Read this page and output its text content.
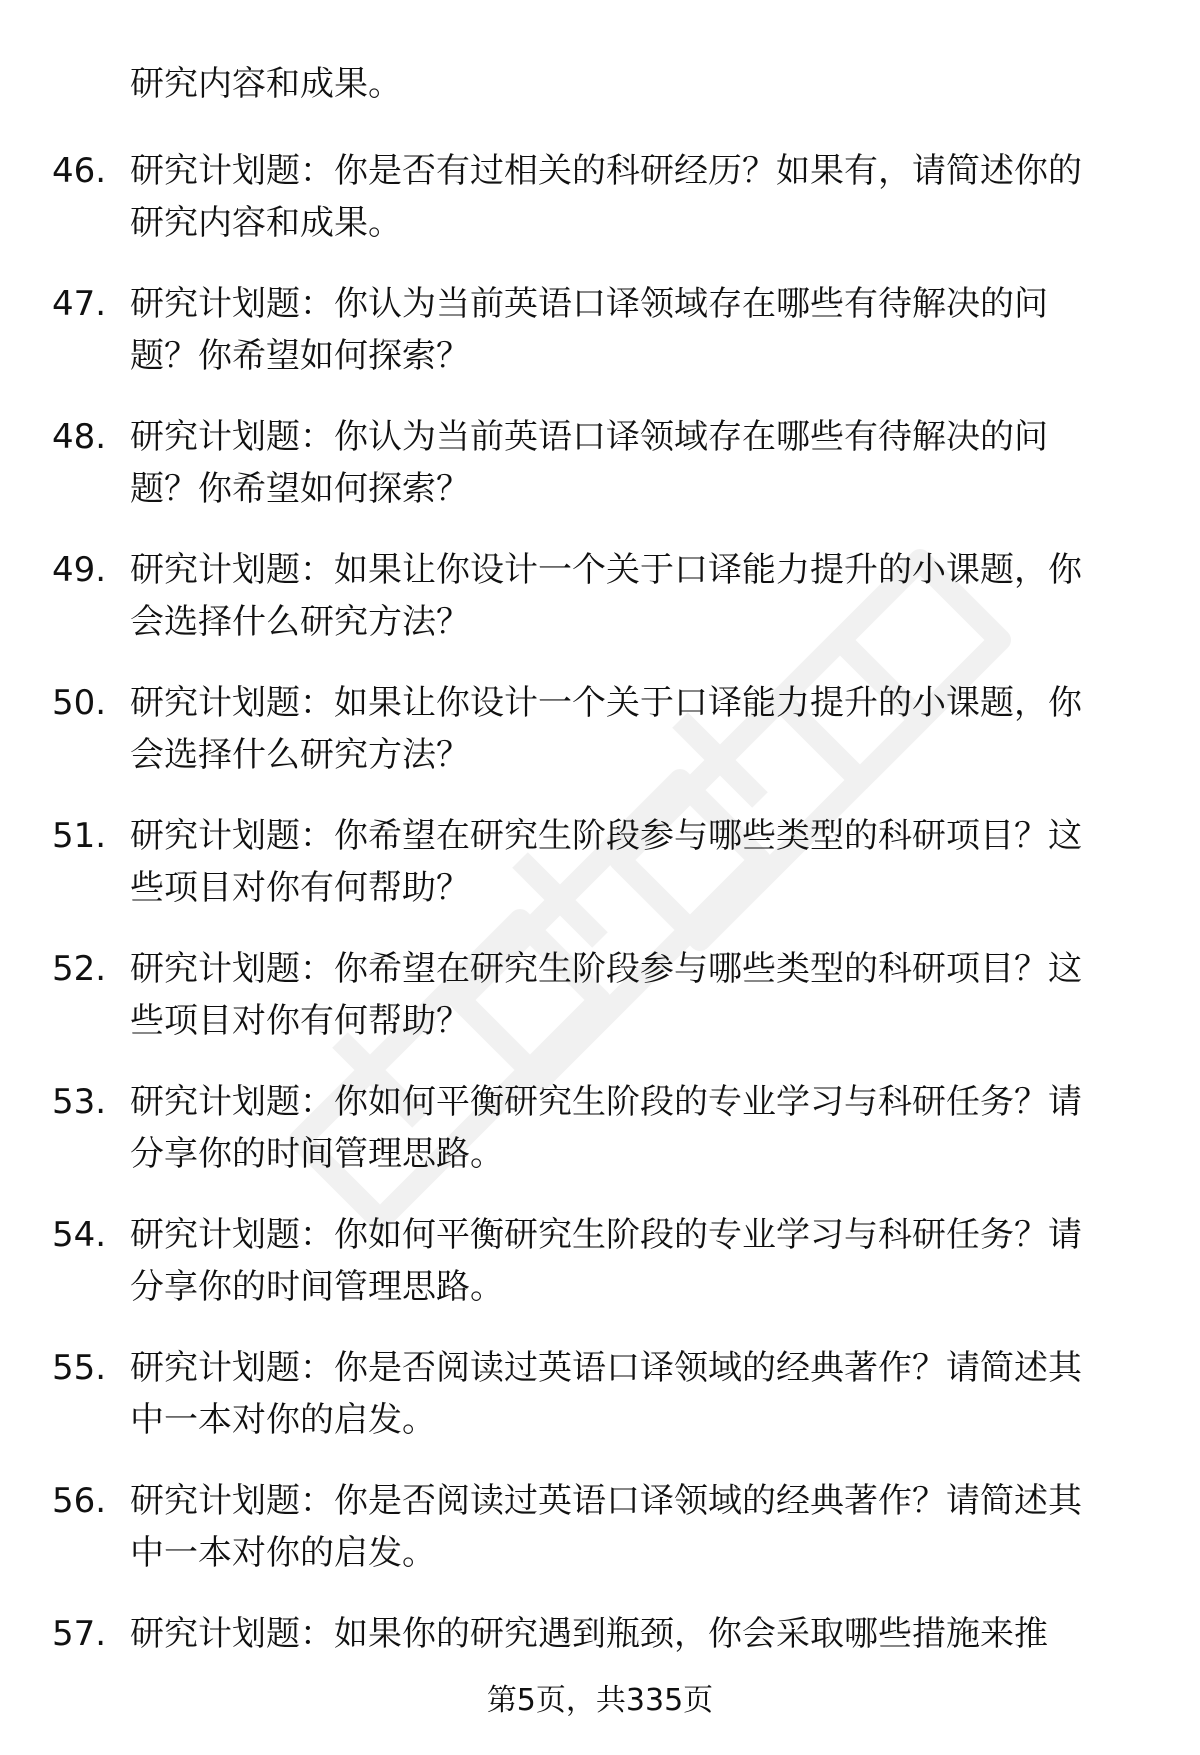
研究内容和成果。
46. 研究计划题：你是否有过相关的科研经历？如果有，请简述你的
研究内容和成果。
47. 研究计划题：你认为当前英语口译领域存在哪些有待解决的问
题？你希望如何探索？
48. 研究计划题：你认为当前英语口译领域存在哪些有待解决的问
题？你希望如何探索？
49. 研究计划题：如果让你设计一个关于口译能力提升的小课题，你
会选择什么研究方法？
50. 研究计划题：如果让你设计一个关于口译能力提升的小课题，你
会选择什么研究方法？
51. 研究计划题：你希望在研究生阶段参与哪些类型的科研项目？这
些项目对你有何帮助？
52. 研究计划题：你希望在研究生阶段参与哪些类型的科研项目？这
些项目对你有何帮助？
53. 研究计划题：你如何平衡研究生阶段的专业学习与科研任务？请
分享你的时间管理思路。
54. 研究计划题：你如何平衡研究生阶段的专业学习与科研任务？请
分享你的时间管理思路。
55. 研究计划题：你是否阅读过英语口译领域的经典著作？请简述其
中一本对你的启发。
56. 研究计划题：你是否阅读过英语口译领域的经典著作？请简述其
中一本对你的启发。
57. 研究计划题：如果你的研究遇到瓶颈，你会采取哪些措施来推
第5页，共335页
